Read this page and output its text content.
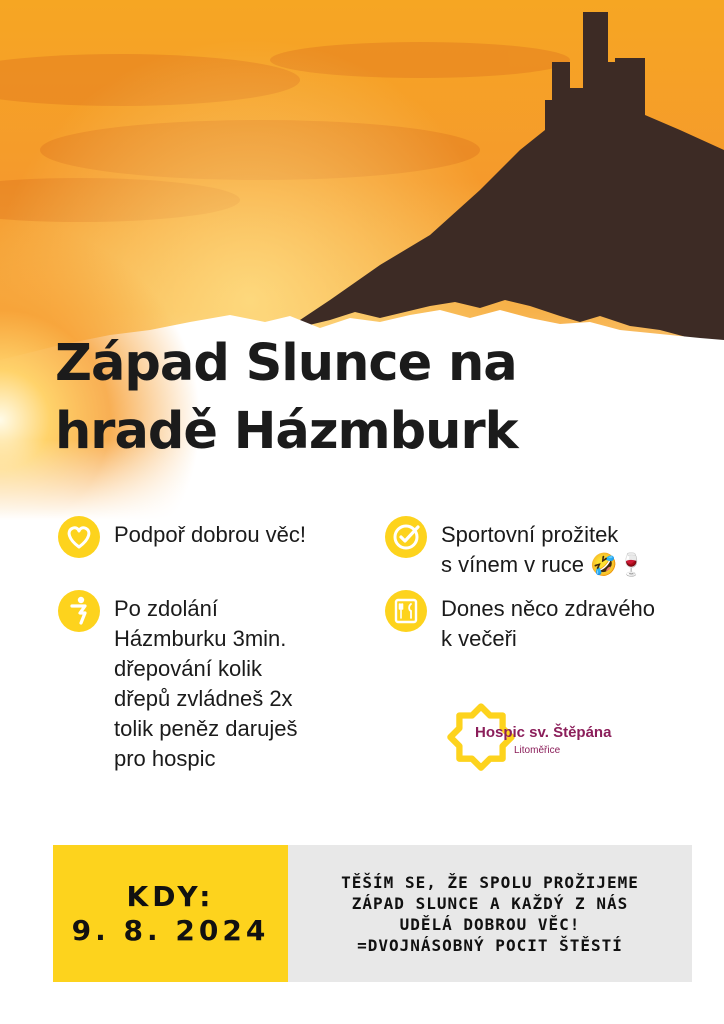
Západ Slunce na
hradě Házmburk
Podpoř dobrou věc!	Sportovní prožitek
s vínem v ruce 🤣🍷
Po zdolání
Házmburku 3min.
dřepování kolik
dřepů zvládneš 2x
tolik peněz daruješ
pro hospic
Dones něco zdravého
k večeři
Hospic sv. Štěpána
Litoměřice
KDY:
9. 8. 2024
TĚŠÍM SE, ŽE SPOLU PROŽIJEME
ZÁPAD SLUNCE A KAŽDÝ Z NÁS
UDĚLÁ DOBROU VĚC!
=DVOJNÁSOBNÝ POCIT ŠTĚSTÍ
